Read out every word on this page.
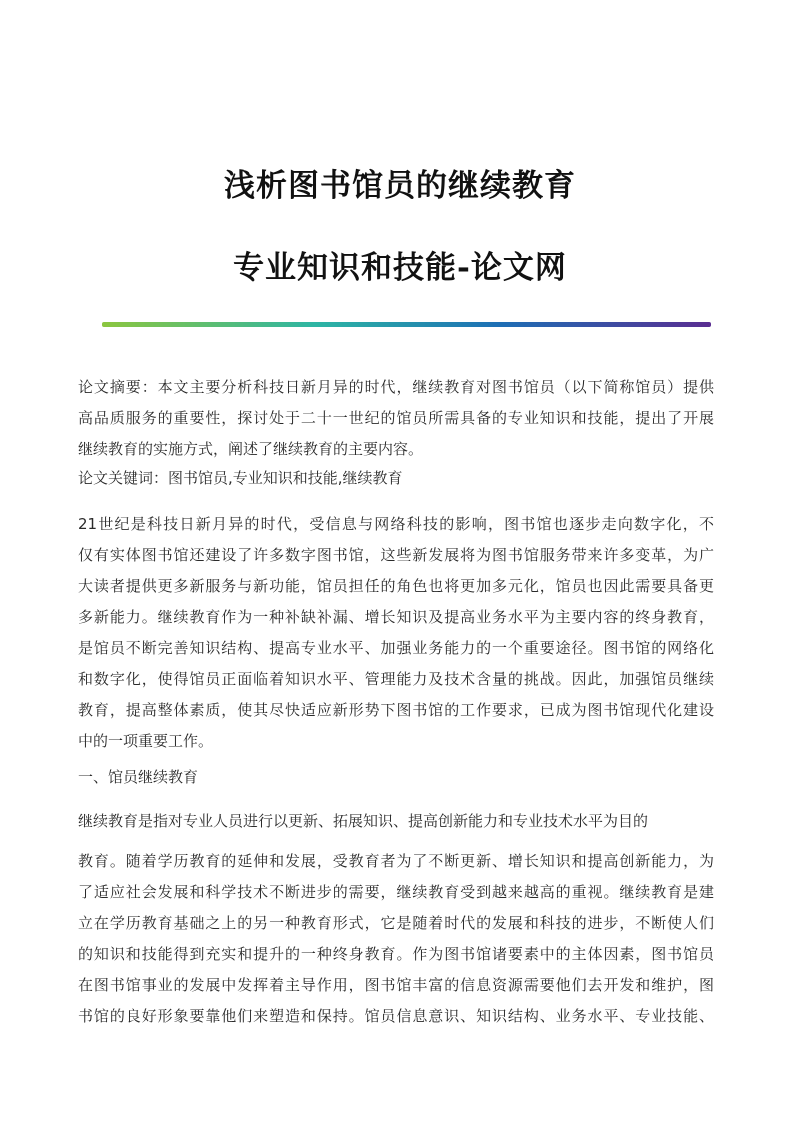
浅析图书馆员的继续教育
专业知识和技能-论文网
论文摘要：本文主要分析科技日新月异的时代，继续教育对图书馆员（以下简称馆员）提供
高品质服务的重要性，探讨处于二十一世纪的馆员所需具备的专业知识和技能，提出了开展
继续教育的实施方式，阐述了继续教育的主要内容。
论文关键词：图书馆员,专业知识和技能,继续教育
21世纪是科技日新月异的时代，受信息与网络科技的影响，图书馆也逐步走向数字化，不
仅有实体图书馆还建设了许多数字图书馆，这些新发展将为图书馆服务带来许多变革，为广
大读者提供更多新服务与新功能，馆员担任的角色也将更加多元化，馆员也因此需要具备更
多新能力。继续教育作为一种补缺补漏、增长知识及提高业务水平为主要内容的终身教育，
是馆员不断完善知识结构、提高专业水平、加强业务能力的一个重要途径。图书馆的网络化
和数字化，使得馆员正面临着知识水平、管理能力及技术含量的挑战。因此，加强馆员继续
教育，提高整体素质，使其尽快适应新形势下图书馆的工作要求，已成为图书馆现代化建设
中的一项重要工作。
一、馆员继续教育
继续教育是指对专业人员进行以更新、拓展知识、提高创新能力和专业技术水平为目的
教育。随着学历教育的延伸和发展，受教育者为了不断更新、增长知识和提高创新能力，为
了适应社会发展和科学技术不断进步的需要，继续教育受到越来越高的重视。继续教育是建
立在学历教育基础之上的另一种教育形式，它是随着时代的发展和科技的进步，不断使人们
的知识和技能得到充实和提升的一种终身教育。作为图书馆诸要素中的主体因素，图书馆员
在图书馆事业的发展中发挥着主导作用，图书馆丰富的信息资源需要他们去开发和维护，图
书馆的良好形象要靠他们来塑造和保持。馆员信息意识、知识结构、业务水平、专业技能、
